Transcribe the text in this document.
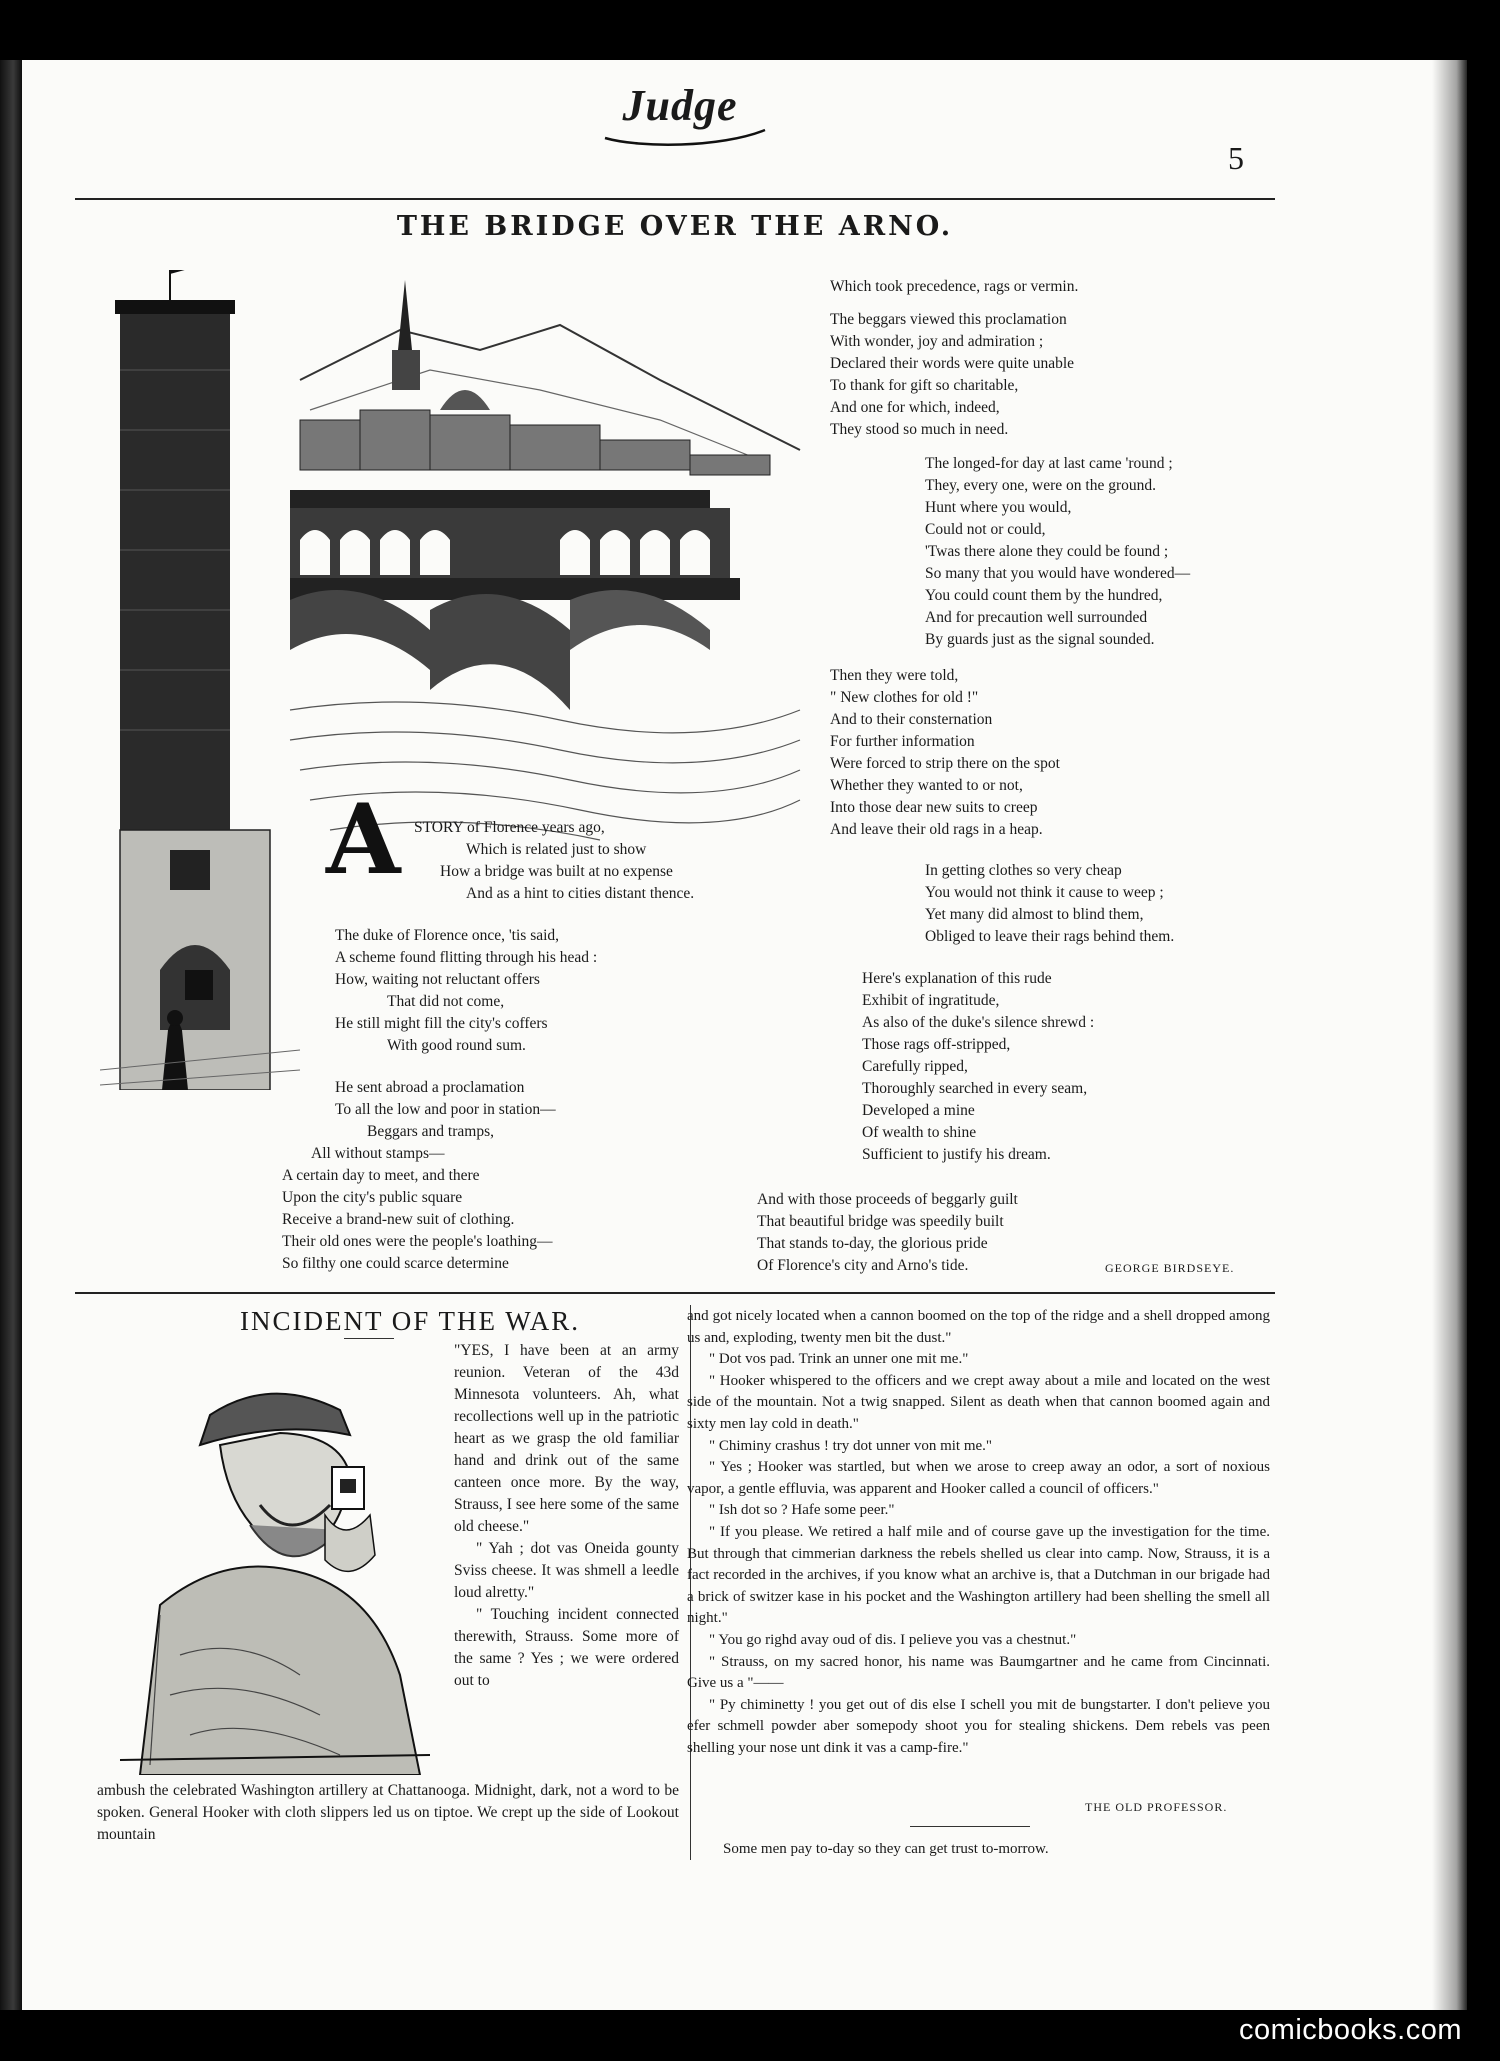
Judge
5
THE BRIDGE OVER THE ARNO.
A STORY of Florence years ago,
Which is related just to show
How a bridge was built at no expense
And as a hint to cities distant thence.
The duke of Florence once, 'tis said,
A scheme found flitting through his head :
How, waiting not reluctant offers
That did not come,
He still might fill the city's coffers
With good round sum.
He sent abroad a proclamation
To all the low and poor in station—
Beggars and tramps,
All without stamps—
A certain day to meet, and there
Upon the city's public square
Receive a brand-new suit of clothing.
Their old ones were the people's loathing—
So filthy one could scarce determine
Which took precedence, rags or vermin.
The beggars viewed this proclamation
With wonder, joy and admiration ;
Declared their words were quite unable
To thank for gift so charitable,
And one for which, indeed,
They stood so much in need.
The longed-for day at last came 'round ;
They, every one, were on the ground.
Hunt where you would,
Could not or could,
'Twas there alone they could be found ;
So many that you would have wondered—
You could count them by the hundred,
And for precaution well surrounded
By guards just as the signal sounded.
Then they were told,
" New clothes for old !"
And to their consternation
For further information
Were forced to strip there on the spot
Whether they wanted to or not,
Into those dear new suits to creep
And leave their old rags in a heap.
In getting clothes so very cheap
You would not think it cause to weep ;
Yet many did almost to blind them,
Obliged to leave their rags behind them.
Here's explanation of this rude
Exhibit of ingratitude,
As also of the duke's silence shrewd :
Those rags off-stripped,
Carefully ripped,
Thoroughly searched in every seam,
Developed a mine
Of wealth to shine
Sufficient to justify his dream.
And with those proceeds of beggarly guilt
That beautiful bridge was speedily built
That stands to-day, the glorious pride
Of Florence's city and Arno's tide.	GEORGE BIRDSEYE.
INCIDENT OF THE WAR.

"YES, I have been at an army reunion. Veteran of the 43d Minnesota volunteers. Ah, what recollections well up in the patriotic heart as we grasp the old familiar hand and drink out of the same canteen once more. By the way, Strauss, I see here some of the same old cheese."

" Yah ; dot vas Oneida gounty Sviss cheese. It was shmell a leedle loud alretty."

" Touching incident connected therewith, Strauss. Some more of the same ? Yes ; we were ordered out to

ambush the celebrated Washington artillery at Chattanooga. Midnight, dark, not a word to be spoken. General Hooker with cloth slippers led us on tiptoe. We crept up the side of Lookout mountain

and got nicely located when a cannon boomed on the top of the ridge and a shell dropped among us and, exploding, twenty men bit the dust."

" Dot vos pad. Trink an unner one mit me."

" Hooker whispered to the officers and we crept away about a mile and located on the west side of the mountain. Not a twig snapped. Silent as death when that cannon boomed again and sixty men lay cold in death."

" Chiminy crashus ! try dot unner von mit me."

" Yes ; Hooker was startled, but when we arose to creep away an odor, a sort of noxious vapor, a gentle effluvia, was apparent and Hooker called a council of officers."

" Ish dot so ? Hafe some peer."

" If you please. We retired a half mile and of course gave up the investigation for the time. But through that cimmerian darkness the rebels shelled us clear into camp. Now, Strauss, it is a fact recorded in the archives, if you know what an archive is, that a Dutchman in our brigade had a brick of switzer kase in his pocket and the Washington artillery had been shelling the smell all night."

" You go righd avay oud of dis. I pelieve you vas a chestnut."

" Strauss, on my sacred honor, his name was Baumgartner and he came from Cincinnati. Give us a "——

" Py chiminetty ! you get out of dis else I schell you mit de bungstarter. I don't pelieve you efer schmell powder aber somepody shoot you for stealing shickens. Dem rebels vas peen shelling your nose unt dink it vas a camp-fire."

THE OLD PROFESSOR.
Some men pay to-day so they can get trust to-morrow.
comicbooks.com
